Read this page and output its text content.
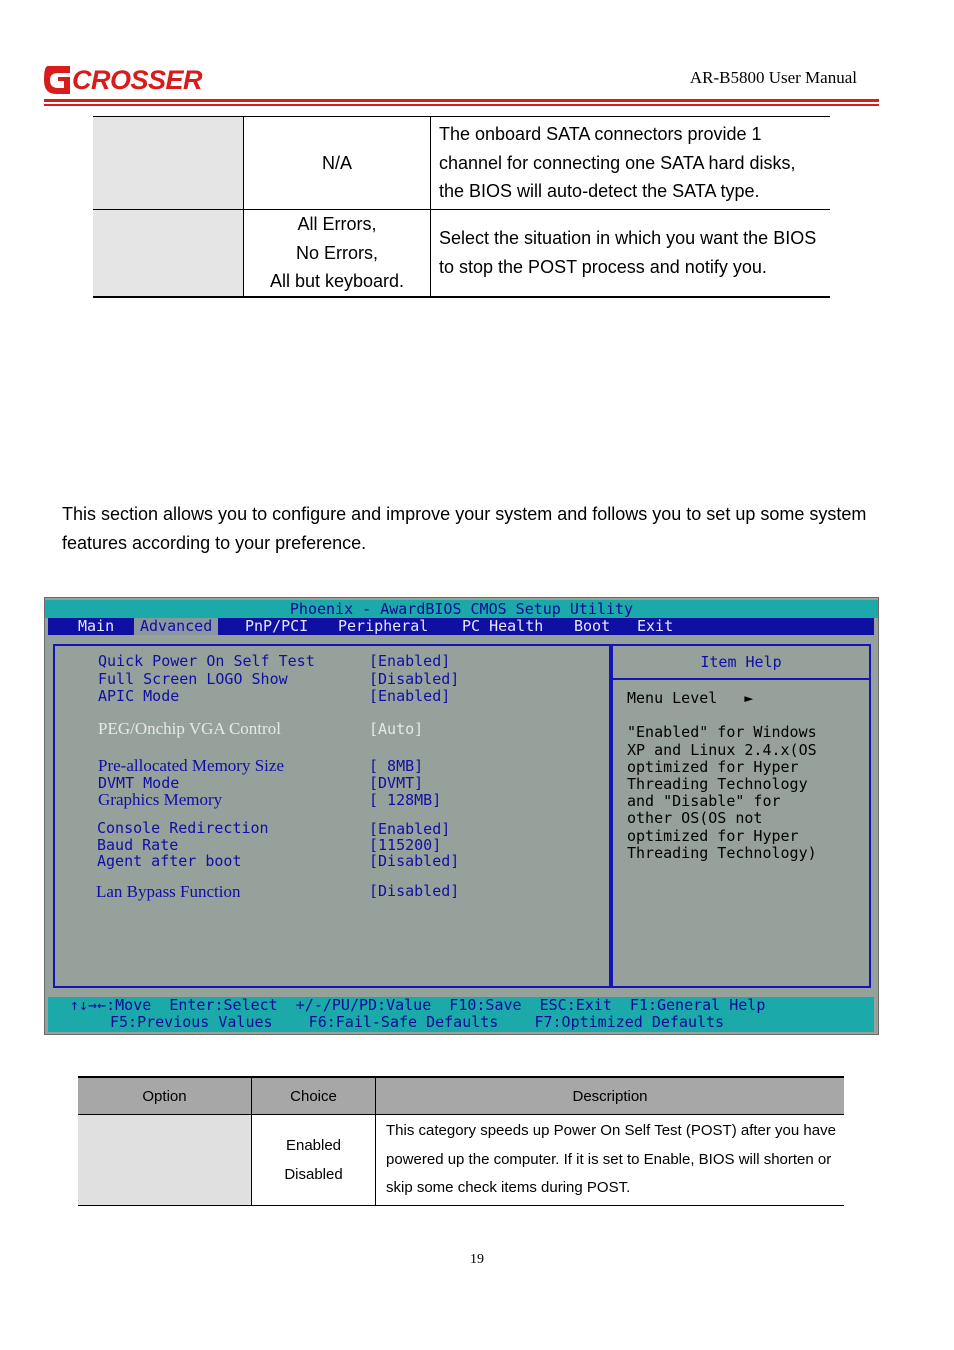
CROSSER	AR-B5800 User Manual
	N/A	The onboard SATA connectors provide 1 channel for connecting one SATA hard disks, the BIOS will auto-detect the SATA type.

	All Errors,
No Errors,
All but keyboard.	Select the situation in which you want the BIOS to stop the POST process and notify you.
This section allows you to configure and improve your system and follows you to set up some system features according to your preference.
Phoenix - AwardBIOS CMOS Setup Utility
Main	Advanced	PnP/PCI Peripheral PC Health Boot Exit
Quick Power On Self Test	[Enabled]
Full Screen LOGO Show	[Disabled]
APIC Mode	[Enabled]
PEG/Onchip VGA Control	[Auto]
Pre-allocated Memory Size	[ 8MB]
DVMT Mode	[DVMT]
Graphics Memory	[ 128MB]
Console Redirection	[Enabled]
Baud Rate	[115200]
Agent after boot	[Disabled]
Lan Bypass Function	[Disabled]
Item Help
Menu Level   ►

"Enabled" for Windows
XP and Linux 2.4.x(OS
optimized for Hyper
Threading Technology
and "Disable" for
other OS(OS not
optimized for Hyper
Threading Technology)
↑↓→←:Move  Enter:Select  +/-/PU/PD:Value  F10:Save  ESC:Exit  F1:General Help
F5:Previous Values    F6:Fail-Safe Defaults    F7:Optimized Defaults
Option	Choice	Description

	Enabled
Disabled	This category speeds up Power On Self Test (POST) after you have powered up the computer. If it is set to Enable, BIOS will shorten or skip some check items during POST.
19
